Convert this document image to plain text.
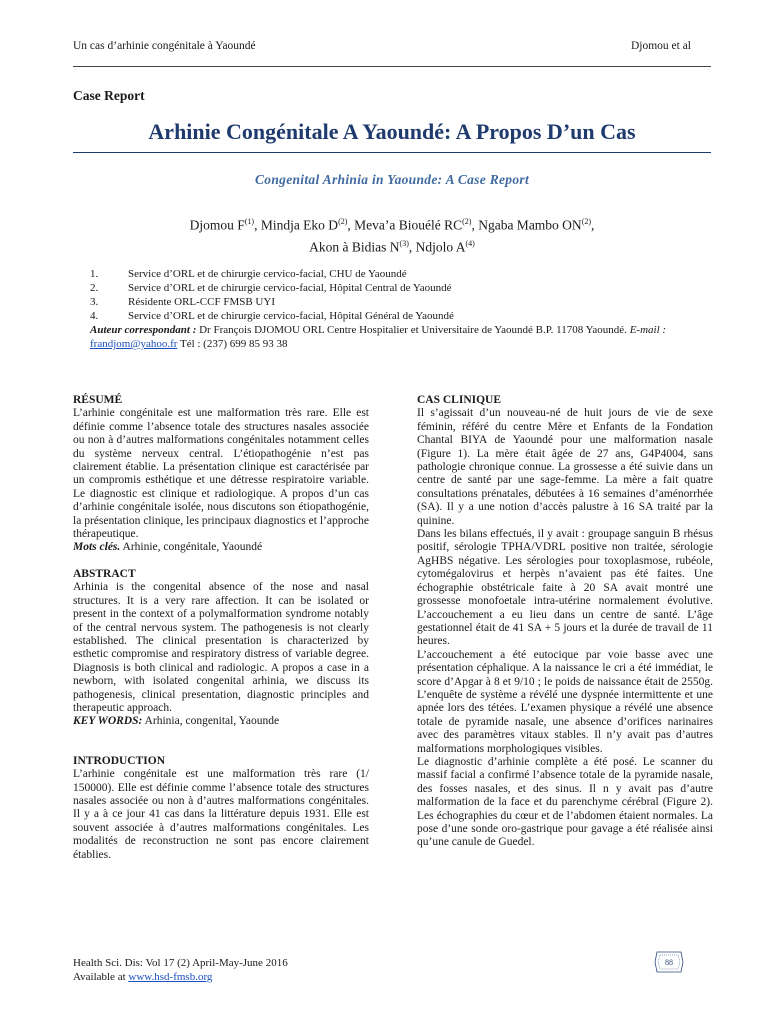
Un cas d’arhinie congénitale à Yaoundé	Djomou et al
Case Report
Arhinie Congénitale A Yaoundé: A Propos D’un Cas
Congenital Arhinia in Yaounde: A Case Report
Djomou $F^{(1)}$, Mindja Eko $D^{(2)}$, Meva’a Biouélé RC$^{(2)}$, Ngaba Mambo ON$^{(2)}$,
Akon à Bidias $N^{(3)}$, Ndjolo $A^{(4)}$
1.	Service d’ORL et de chirurgie cervico-facial, CHU de Yaoundé
2.	Service d’ORL et de chirurgie cervico-facial, Hôpital Central de Yaoundé
3.	Résidente ORL-CCF FMSB UYI
4.	Service d’ORL et de chirurgie cervico-facial, Hôpital Général de Yaoundé
Auteur correspondant : Dr François DJOMOU ORL Centre Hospitalier et Universitaire de Yaoundé B.P. 11708 Yaoundé. E-mail : frandjom@yahoo.fr Tél : (237) 699 85 93 38

RÉSUMÉ

L’arhinie congénitale est une malformation très rare. Elle est définie comme l’absence totale des structures nasales associée ou non à d’autres malformations congénitales notamment celles du système nerveux central. L’étiopathogénie n’est pas clairement établie. La présentation clinique est caractérisée par un compromis esthétique et une détresse respiratoire variable. Le diagnostic est clinique et radiologique. A propos d’un cas d’arhinie congénitale isolée, nous discutons son étiopathogénie, la présentation clinique, les principaux diagnostics et l’approche thérapeutique.

Mots clés. Arhinie, congénitale, Yaoundé

ABSTRACT

Arhinia is the congenital absence of the nose and nasal structures. It is a very rare affection. It can be isolated or present in the context of a polymalformation syndrome notably of the central nervous system. The pathogenesis is not clearly established. The clinical presentation is characterized by esthetic compromise and respiratory distress of variable degree. Diagnosis is both clinical and radiologic. A propos a case in a newborn, with isolated congenital arhinia, we discuss its pathogenesis, clinical presentation, diagnostic principles and therapeutic approach.

KEY WORDS: Arhinia, congenital, Yaounde

INTRODUCTION

L’arhinie congénitale est une malformation très rare (1/ 150000). Elle est définie comme l’absence totale des structures nasales associée ou non à d’autres malformations congénitales. Il y a à ce jour 41 cas dans la littérature depuis 1931. Elle est souvent associée à d’autres malformations congénitales. Les modalités de reconstruction ne sont pas encore clairement établies.

CAS CLINIQUE

Il s’agissait d’un nouveau-né de huit jours de vie de sexe féminin, référé du centre Mère et Enfants de la Fondation Chantal BIYA de Yaoundé pour une malformation nasale (Figure 1). La mère était âgée de 27 ans, G4P4004, sans pathologie chronique connue. La grossesse a été suivie dans un centre de santé par une sage-femme. La mère a fait quatre consultations prénatales, débutées à 16 semaines d’aménorrhée (SA). Il y a une notion d’accès palustre à 16 SA traité par la quinine.

Dans les bilans effectués, il y avait : groupage sanguin B rhésus positif, sérologie TPHA/VDRL positive non traitée, sérologie AgHBS négative. Les sérologies pour toxoplasmose, rubéole, cytomégalovirus et herpès n’avaient pas été faites. Une échographie obstétricale faite à 20 SA avait montré une grossesse monofoetale intra-utérine normalement évolutive. L’accouchement a eu lieu dans un centre de santé. L’âge gestationnel était de 41 SA + 5 jours et la durée de travail de 11 heures.

L’accouchement a été eutocique par voie basse avec une présentation céphalique. A la naissance le cri a été immédiat, le score d’Apgar à 8 et 9/10 ; le poids de naissance était de 2550g. L’enquête de système a révélé une dyspnée intermittente et une apnée lors des tétées. L’examen physique a révélé une absence totale de pyramide nasale, une absence d’orifices narinaires avec des paramètres vitaux stables. Il n’y avait pas d’autres malformations morphologiques visibles.

Le diagnostic d’arhinie complète a été posé. Le scanner du massif facial a confirmé l’absence totale de la pyramide nasale, des fosses nasales, et des sinus. Il n y avait pas d’autre malformation de la face et du parenchyme cérébral (Figure 2). Les échographies du cœur et de l’abdomen étaient normales. La pose d’une sonde oro-gastrique pour gavage a été réalisée ainsi qu’une canule de Guedel.

Health Sci. Dis: Vol 17 (2) April-May-June 2016
Available at www.hsd-fmsb.org
88
